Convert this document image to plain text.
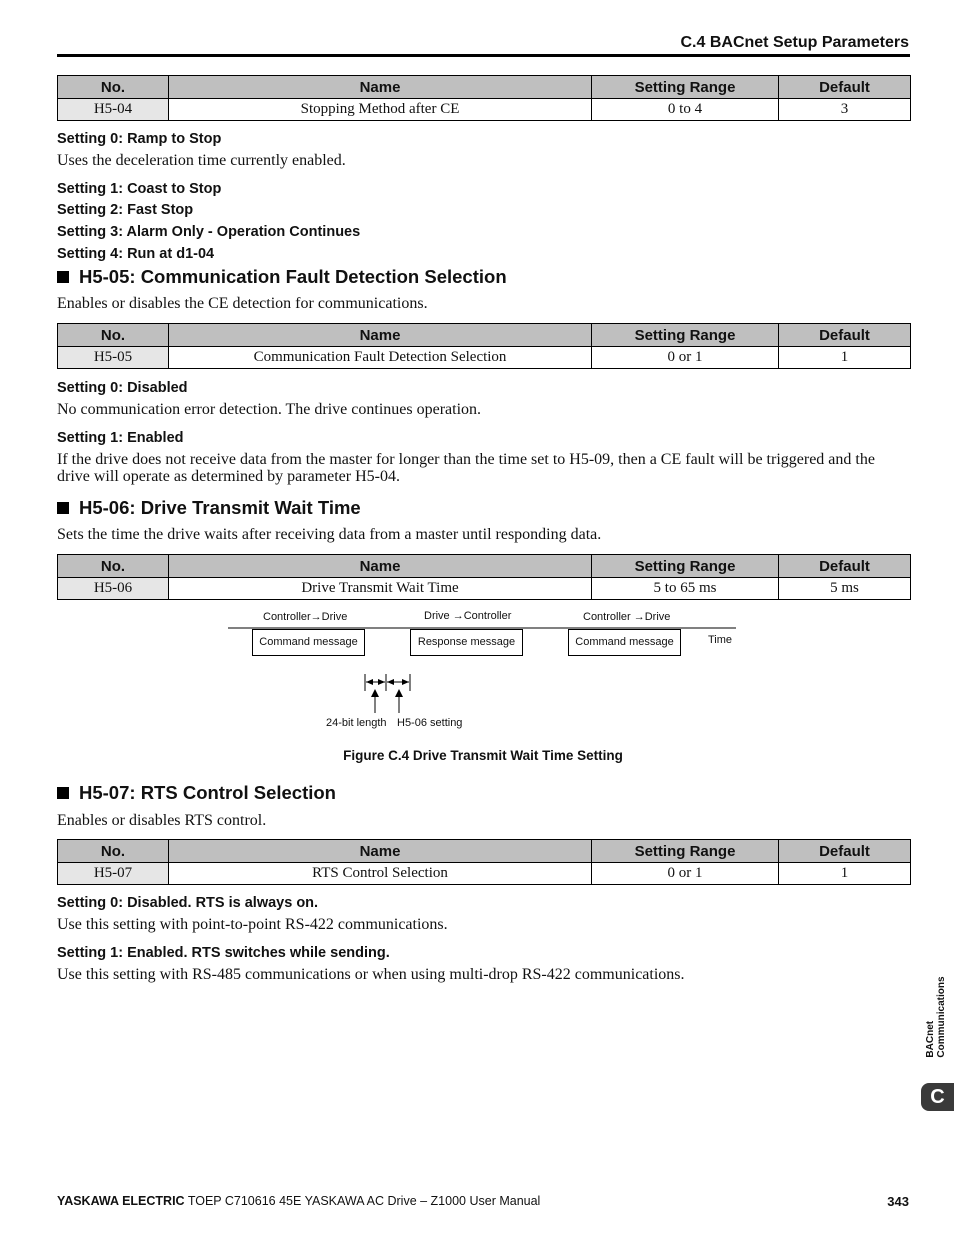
C.4 BACnet Setup Parameters
No.	Name	Setting Range	Default
H5-04	Stopping Method after CE	0 to 4	3
Setting 0: Ramp to Stop
Uses the deceleration time currently enabled.
Setting 1: Coast to Stop
Setting 2: Fast Stop
Setting 3: Alarm Only - Operation Continues
Setting 4: Run at d1-04
H5-05: Communication Fault Detection Selection
Enables or disables the CE detection for communications.
No.	Name	Setting Range	Default
H5-05	Communication Fault Detection Selection	0 or 1	1
Setting 0: Disabled
No communication error detection. The drive continues operation.
Setting 1: Enabled
If the drive does not receive data from the master for longer than the time set to H5-09, then a CE fault will be triggered and the drive will operate as determined by parameter H5-04.
H5-06: Drive Transmit Wait Time
Sets the time the drive waits after receiving data from a master until responding data.
No.	Name	Setting Range	Default
H5-06	Drive Transmit Wait Time	5 to 65 ms	5 ms
Controller→Drive	Drive →Controller	Controller →Drive
Command message	Response message	Command message	Time
24-bit length H5-06 setting
Figure C.4 Drive Transmit Wait Time Setting
H5-07: RTS Control Selection
Enables or disables RTS control.
No.	Name	Setting Range	Default
H5-07	RTS Control Selection	0 or 1	1
Setting 0: Disabled. RTS is always on.
Use this setting with point-to-point RS-422 communications.
Setting 1: Enabled. RTS switches while sending.
Use this setting with RS-485 communications or when using multi-drop RS-422 communications.
BACnet
Communications
C
YASKAWA ELECTRIC TOEP C710616 45E YASKAWA AC Drive – Z1000 User Manual	343
